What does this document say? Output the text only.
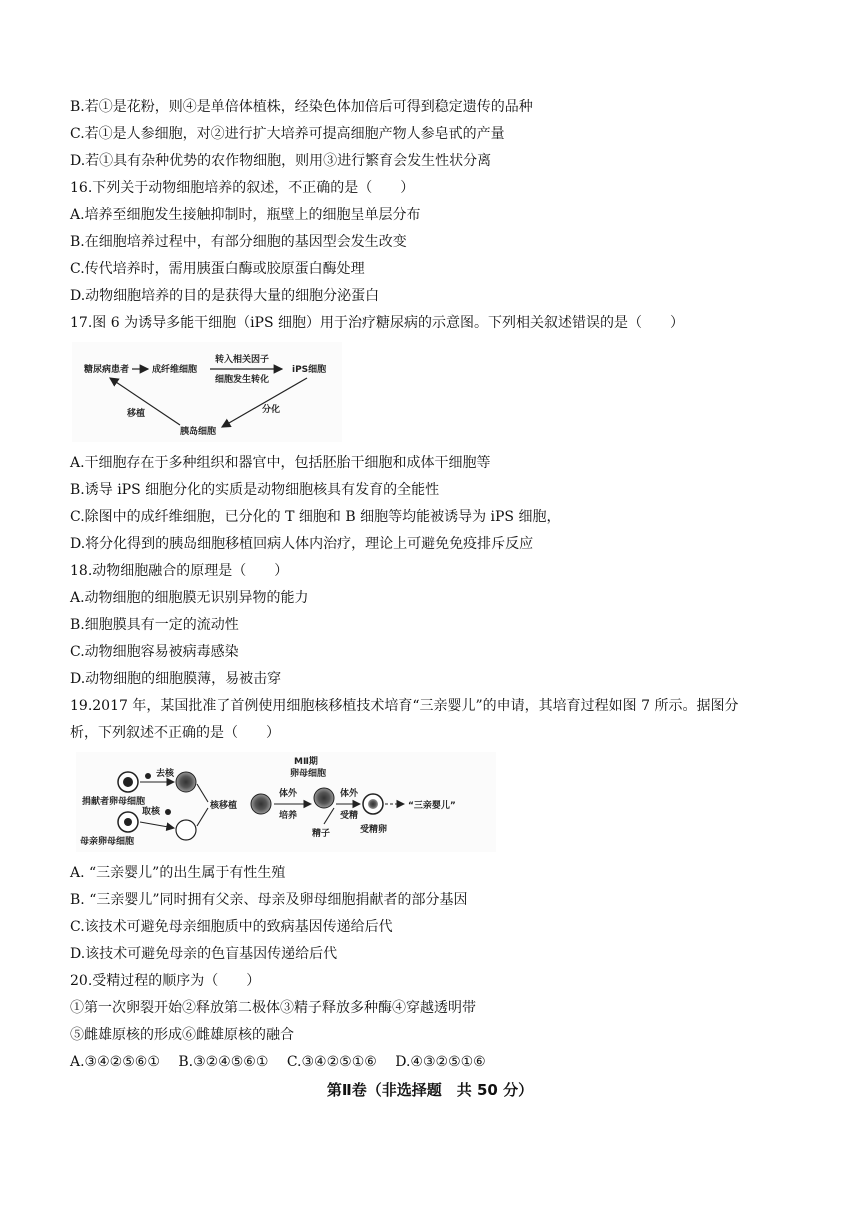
B.若①是花粉，则④是单倍体植株，经染色体加倍后可得到稳定遗传的品种
C.若①是人参细胞，对②进行扩大培养可提高细胞产物人参皂甙的产量
D.若①具有杂种优势的农作物细胞，则用③进行繁育会发生性状分离
16.下列关于动物细胞培养的叙述，不正确的是（　　）
A.培养至细胞发生接触抑制时，瓶壁上的细胞呈单层分布
B.在细胞培养过程中，有部分细胞的基因型会发生改变
C.传代培养时，需用胰蛋白酶或胶原蛋白酶处理
D.动物细胞培养的目的是获得大量的细胞分泌蛋白
17.图 6 为诱导多能干细胞（iPS 细胞）用于治疗糖尿病的示意图。下列相关叙述错误的是（　　）
糖尿病患者	成纤维细胞
转入相关因子
细胞发生转化
iPS细胞
分化
胰岛细胞
移植
A.干细胞存在于多种组织和器官中，包括胚胎干细胞和成体干细胞等
B.诱导 iPS 细胞分化的实质是动物细胞核具有发育的全能性
C.除图中的成纤维细胞，已分化的 T 细胞和 B 细胞等均能被诱导为 iPS 细胞，
D.将分化得到的胰岛细胞移植回病人体内治疗，理论上可避免免疫排斥反应
18.动物细胞融合的原理是（　　）
A.动物细胞的细胞膜无识别异物的能力
B.细胞膜具有一定的流动性
C.动物细胞容易被病毒感染
D.动物细胞的细胞膜薄，易被击穿
19.2017 年，某国批准了首例使用细胞核移植技术培育“三亲婴儿”的申请，其培育过程如图 7 所示。据图分
析，下列叙述不正确的是（　　）
去核
捐献者卵母细胞
取核
母亲卵母细胞
核移植
体外
培养
MⅡ期
卵母细胞
精子
体外
受精
受精卵
“三亲婴儿”
A. “三亲婴儿”的出生属于有性生殖
B. “三亲婴儿”同时拥有父亲、母亲及卵母细胞捐献者的部分基因
C.该技术可避免母亲细胞质中的致病基因传递给后代
D.该技术可避免母亲的色盲基因传递给后代
20.受精过程的顺序为（　　）
①第一次卵裂开始②释放第二极体③精子释放多种酶④穿越透明带
⑤雌雄原核的形成⑥雌雄原核的融合
A.③④②⑤⑥① B.③②④⑤⑥① C.③④②⑤①⑥ D.④③②⑤①⑥
第Ⅱ卷（非选择题　共 50 分）
